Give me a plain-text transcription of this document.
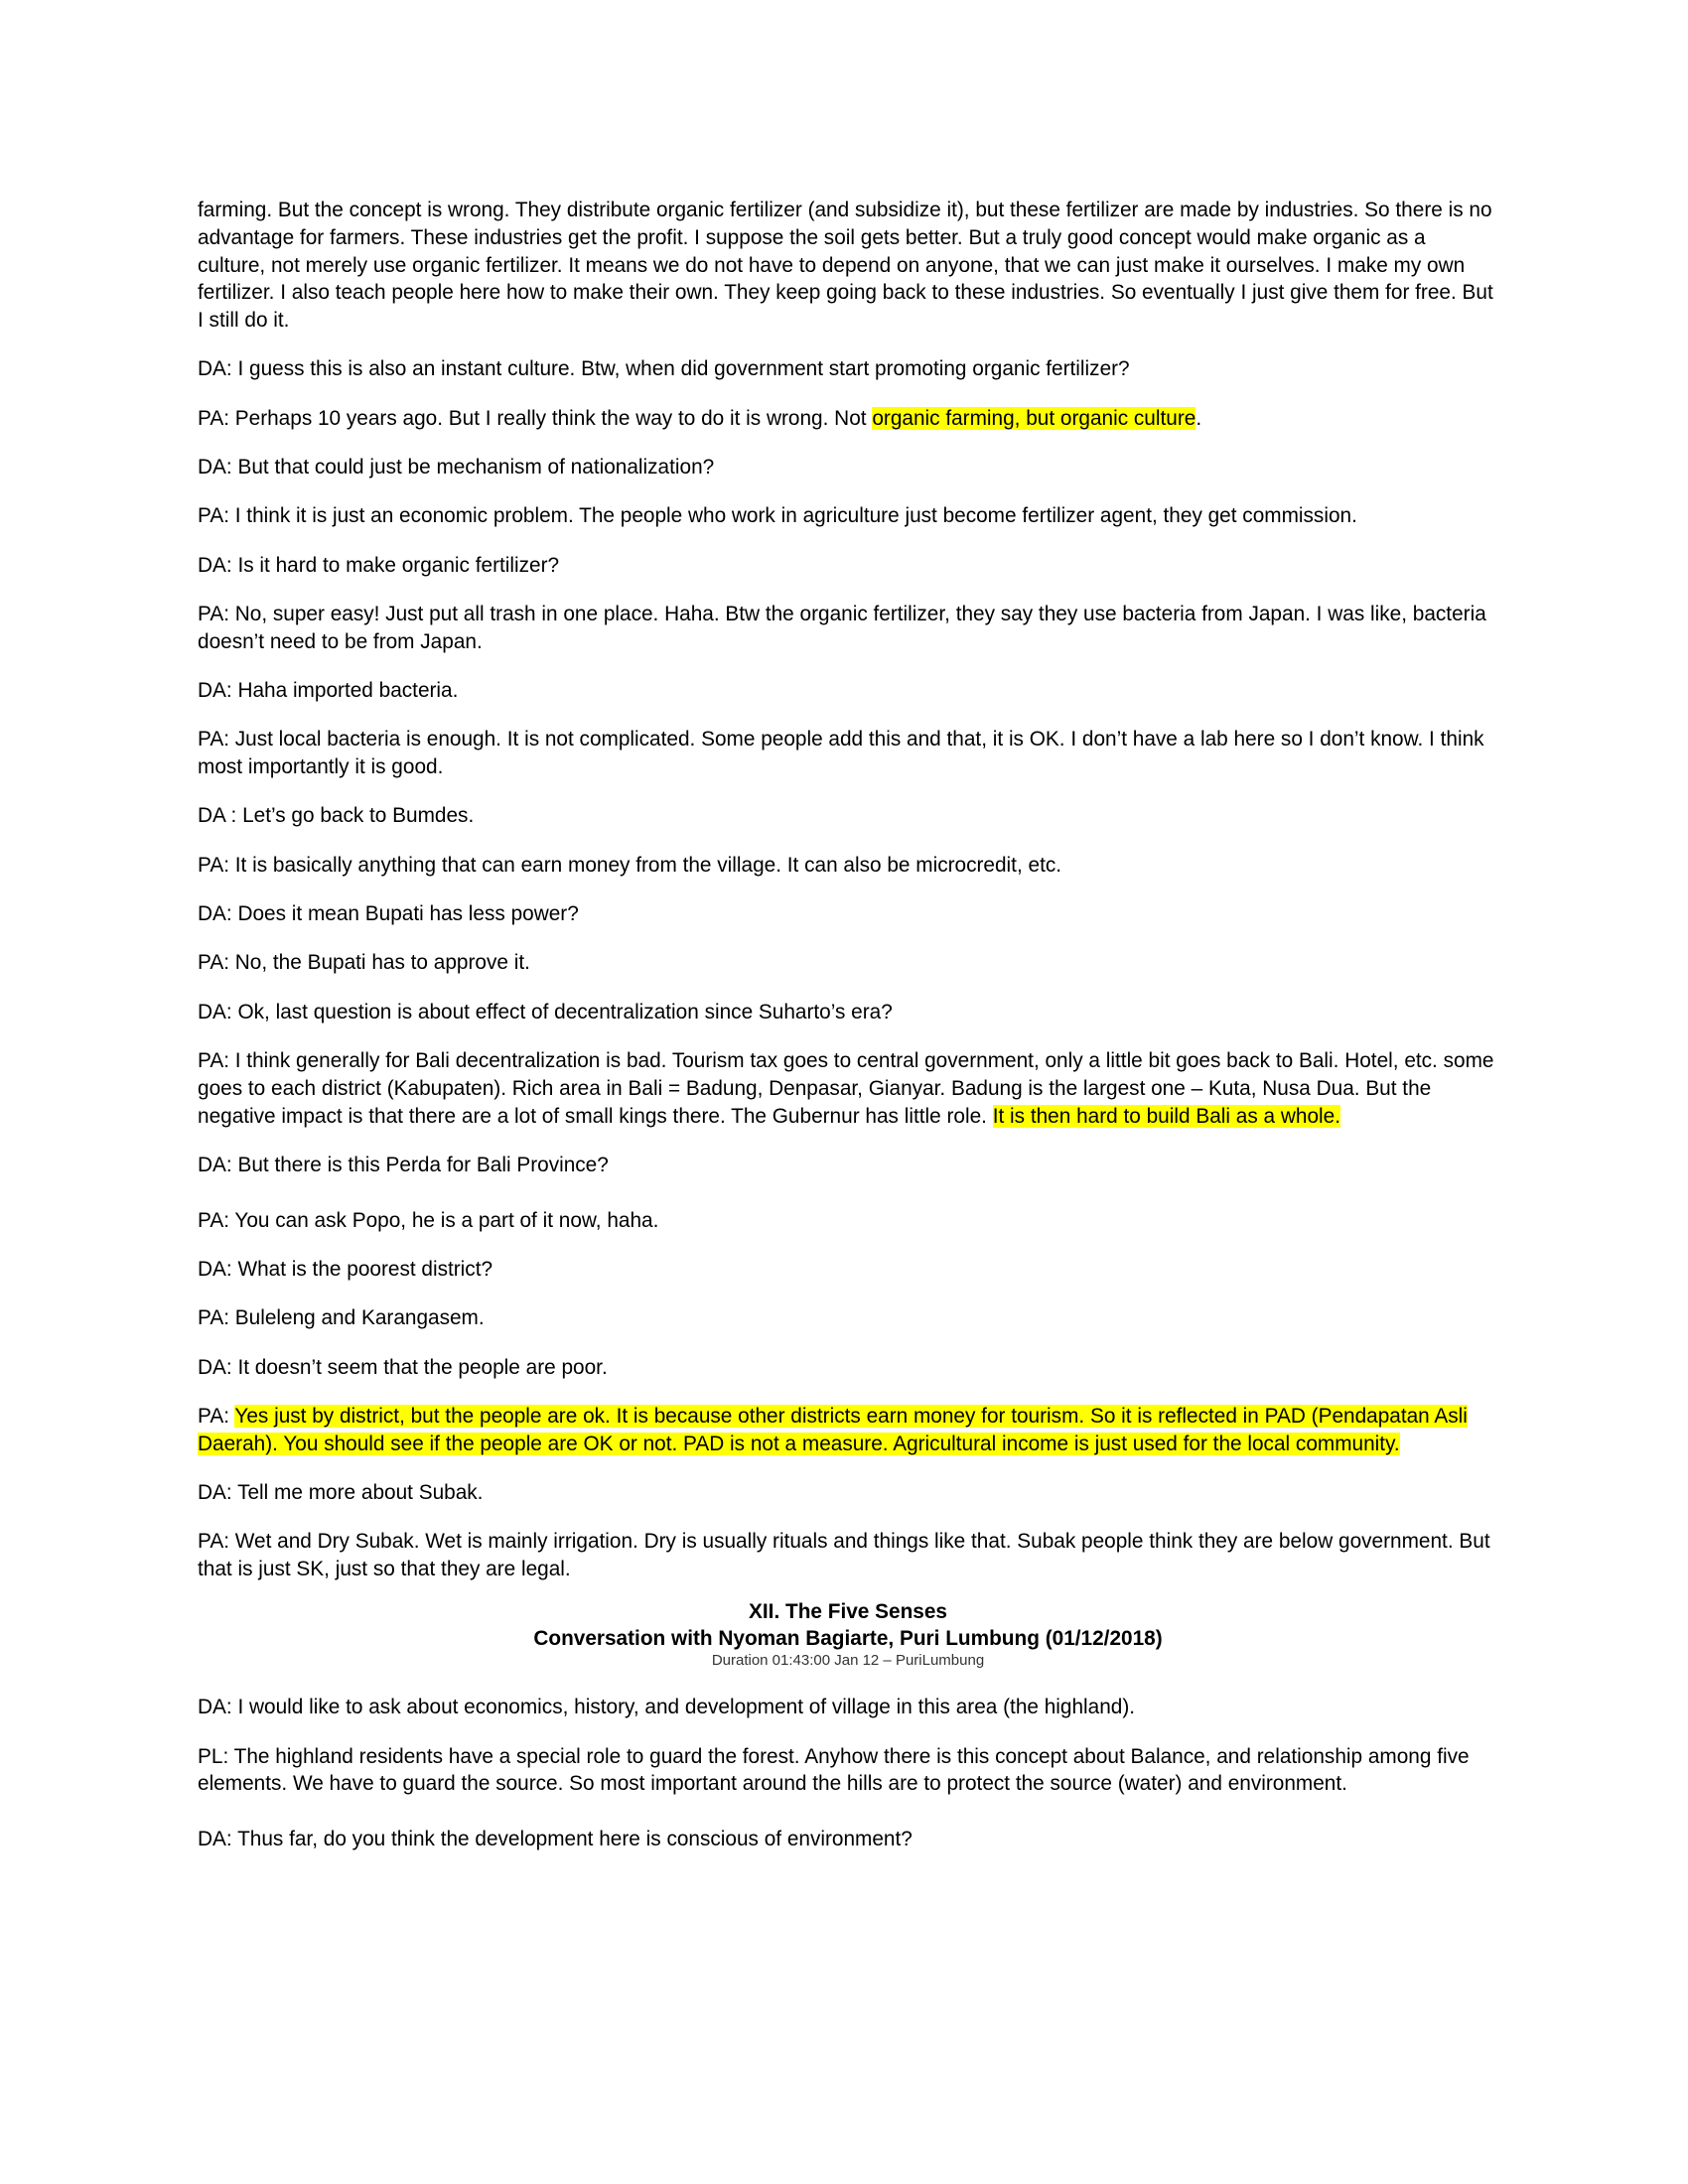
farming. But the concept is wrong. They distribute organic fertilizer (and subsidize it), but these fertilizer are made by industries. So there is no advantage for farmers. These industries get the profit. I suppose the soil gets better. But a truly good concept would make organic as a culture, not merely use organic fertilizer. It means we do not have to depend on anyone, that we can just make it ourselves. I make my own fertilizer. I also teach people here how to make their own. They keep going back to these industries. So eventually I just give them for free. But I still do it.

DA: I guess this is also an instant culture. Btw, when did government start promoting organic fertilizer?

PA: Perhaps 10 years ago. But I really think the way to do it is wrong. Not organic farming, but organic culture.

DA: But that could just be mechanism of nationalization?

PA: I think it is just an economic problem. The people who work in agriculture just become fertilizer agent, they get commission.

DA: Is it hard to make organic fertilizer?

PA: No, super easy! Just put all trash in one place. Haha. Btw the organic fertilizer, they say they use bacteria from Japan. I was like, bacteria doesn’t need to be from Japan.

DA: Haha imported bacteria.

PA: Just local bacteria is enough. It is not complicated. Some people add this and that, it is OK. I don’t have a lab here so I don’t know. I think most importantly it is good.

DA : Let’s go back to Bumdes.

PA: It is basically anything that can earn money from the village. It can also be microcredit, etc.

DA: Does it mean Bupati has less power?

PA: No, the Bupati has to approve it.

DA: Ok, last question is about effect of decentralization since Suharto’s era?

PA: I think generally for Bali decentralization is bad. Tourism tax goes to central government, only a little bit goes back to Bali. Hotel, etc. some goes to each district (Kabupaten). Rich area in Bali = Badung, Denpasar, Gianyar. Badung is the largest one – Kuta, Nusa Dua. But the negative impact is that there are a lot of small kings there. The Gubernur has little role. It is then hard to build Bali as a whole.

DA: But there is this Perda for Bali Province?

PA: You can ask Popo, he is a part of it now, haha.

DA: What is the poorest district?

PA: Buleleng and Karangasem.

DA: It doesn’t seem that the people are poor.

PA: Yes just by district, but the people are ok. It is because other districts earn money for tourism. So it is reflected in PAD (Pendapatan Asli Daerah). You should see if the people are OK or not. PAD is not a measure. Agricultural income is just used for the local community.

DA: Tell me more about Subak.

PA: Wet and Dry Subak. Wet is mainly irrigation. Dry is usually rituals and things like that. Subak people think they are below government. But that is just SK, just so that they are legal.

XII. The Five Senses
Conversation with Nyoman Bagiarte, Puri Lumbung (01/12/2018)
Duration 01:43:00 Jan 12 – PuriLumbung

DA: I would like to ask about economics, history, and development of village in this area (the highland).

PL: The highland residents have a special role to guard the forest. Anyhow there is this concept about Balance, and relationship among five elements. We have to guard the source. So most important around the hills are to protect the source (water) and environment.

DA: Thus far, do you think the development here is conscious of environment?
